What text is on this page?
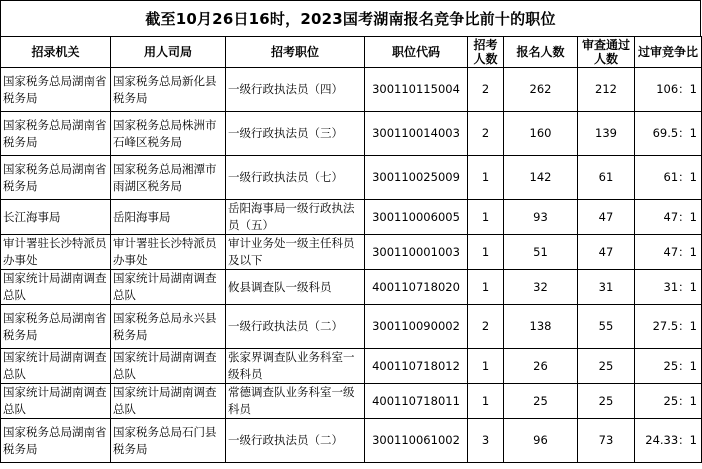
截至10月26日16时，2023国考湖南报名竞争比前十的职位
招录机关	用人司局	招考职位	职位代码	招考人数	报名人数	审查通过人数	过审竞争比
国家税务总局湖南省税务局	国家税务总局新化县税务局	一级行政执法员（四）	300110115004	2	262	212	106：1
国家税务总局湖南省税务局	国家税务总局株洲市石峰区税务局	一级行政执法员（三）	300110014003	2	160	139	69.5：1
国家税务总局湖南省税务局	国家税务总局湘潭市雨湖区税务局	一级行政执法员（七）	300110025009	1	142	61	61：1
长江海事局	岳阳海事局	岳阳海事局一级行政执法员（五）	300110006005	1	93	47	47：1
审计署驻长沙特派员办事处	审计署驻长沙特派员办事处	审计业务处一级主任科员及以下	300110001003	1	51	47	47：1
国家统计局湖南调查总队	国家统计局湖南调查总队	攸县调查队一级科员	400110718020	1	32	31	31：1
国家税务总局湖南省税务局	国家税务总局永兴县税务局	一级行政执法员（二）	300110090002	2	138	55	27.5：1
国家统计局湖南调查总队	国家统计局湖南调查总队	张家界调查队业务科室一级科员	400110718012	1	26	25	25：1
国家统计局湖南调查总队	国家统计局湖南调查总队	常德调查队业务科室一级科员	400110718011	1	25	25	25：1
国家税务总局湖南省税务局	国家税务总局石门县税务局	一级行政执法员（二）	300110061002	3	96	73	24.33：1
